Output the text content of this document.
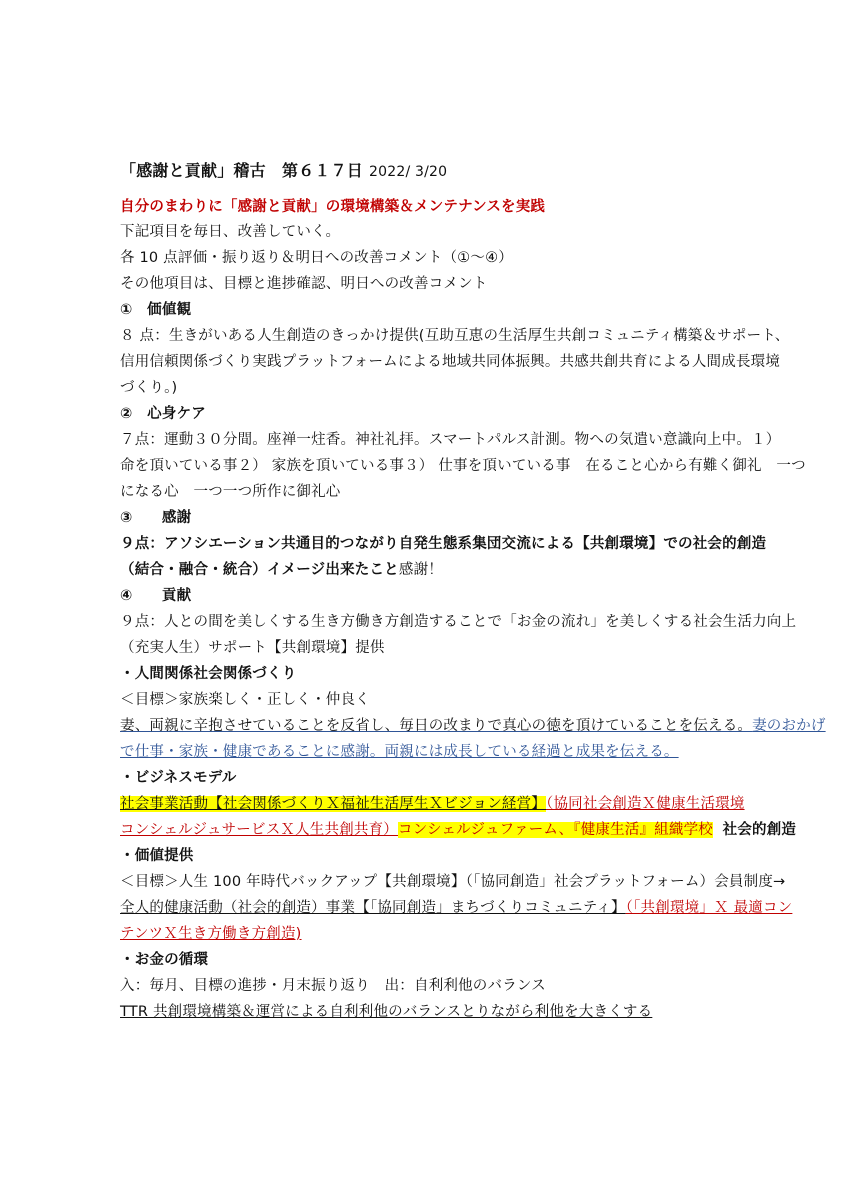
「感謝と貢献」稽古　第６１７日 2022/ 3/20
自分のまわりに「感謝と貢献」の環境構築＆メンテナンスを実践
下記項目を毎日、改善していく。
各 10 点評価・振り返り＆明日への改善コメント（①～④）
その他項目は、目標と進捗確認、明日への改善コメント
①　価値観
８ 点：生きがいある人生創造のきっかけ提供(互助互恵の生活厚生共創コミュニティ構築＆サポート、
信用信頼関係づくり実践プラットフォームによる地域共同体振興。共感共創共育による人間成長環境
づくり。)
②　心身ケア
７点：運動３０分間。座禅一炷香。神社礼拝。スマートパルス計測。物への気遣い意識向上中。１）
命を頂いている事２） 家族を頂いている事３） 仕事を頂いている事　在ること心から有難く御礼　一つ
になる心　一つ一つ所作に御礼心
③　　感謝
９点：アソシエーション共通目的つながり自発生態系集団交流による【共創環境】での社会的創造
（結合・融合・統合）イメージ出来たこと感謝！
④　　貢献
９点：人との間を美しくする生き方働き方創造することで「お金の流れ」を美しくする社会生活力向上
（充実人生）サポート【共創環境】提供
・人間関係社会関係づくり
＜目標＞家族楽しく・正しく・仲良く
妻、両親に辛抱させていることを反省し、毎日の改まりで真心の徳を頂けていることを伝える。妻のおかげ
で仕事・家族・健康であることに感謝。両親には成長している経過と成果を伝える。
・ビジネスモデル
社会事業活動【社会関係づくりＸ福祉生活厚生Ｘビジョン経営】（協同社会創造Ｘ健康生活環境
コンシェルジュサービスＸ人生共創共育）コンシェルジュファーム、『健康生活』組織学校 社会的創造
・価値提供
＜目標＞人生 100 年時代バックアップ【共創環境】（「協同創造」社会プラットフォーム）会員制度→
全人的健康活動（社会的創造）事業【「協同創造」まちづくりコミュニティ】（「共創環境」Ｘ 最適コン
テンツＸ生き方働き方創造)
・お金の循環
入：毎月、目標の進捗・月末振り返り　出：自利利他のバランス
TTR 共創環境構築＆運営による自利利他のバランスとりながら利他を大きくする
